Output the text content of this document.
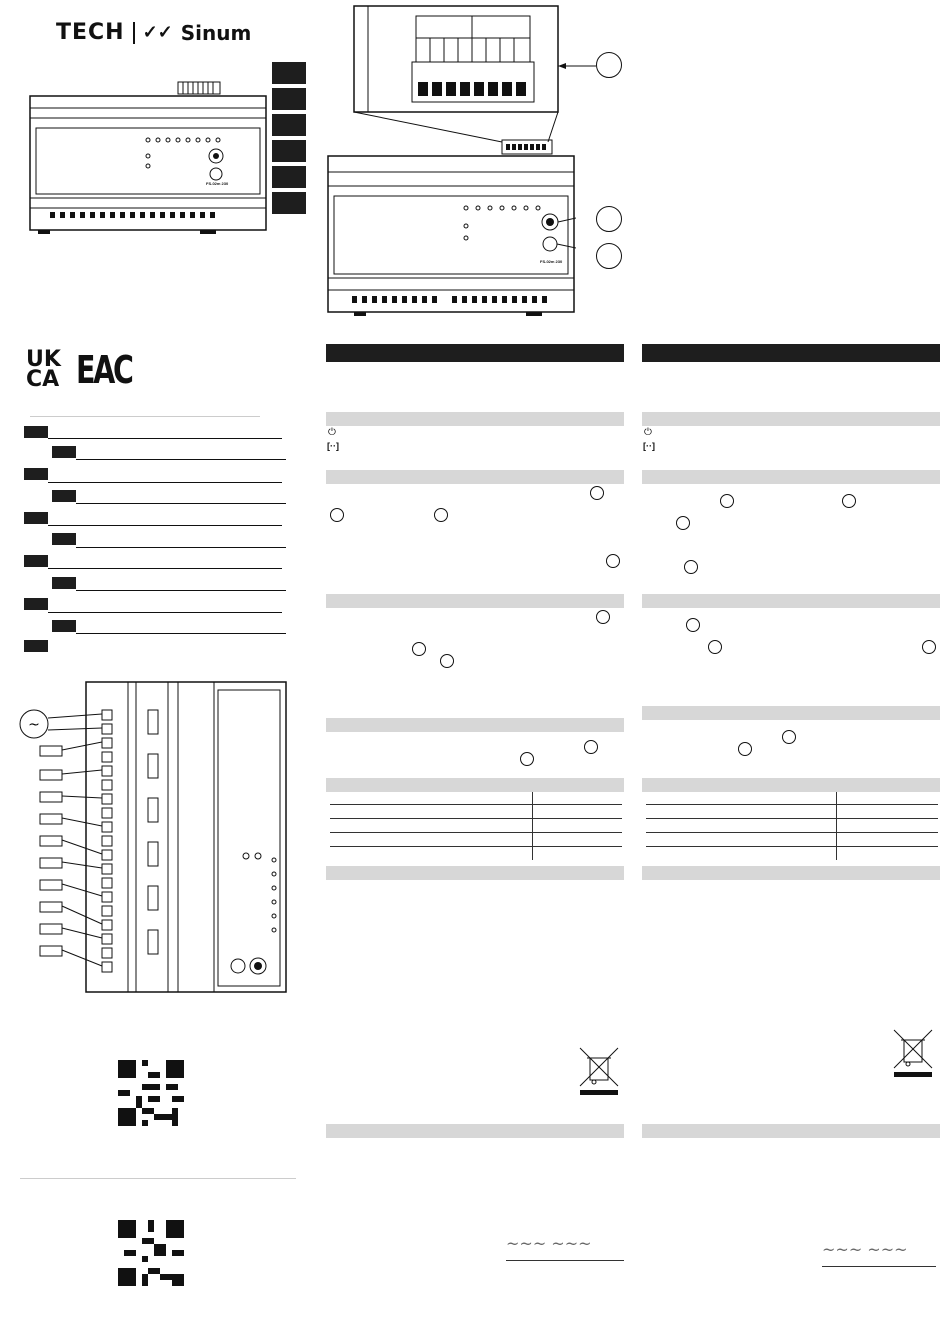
TECH ✓✓ Sinum
FS-02m 230
FS-02m 230
UK
CA EAC
~
⏻
[··]
~~~ ~~~
⏻
[··]
~~~ ~~~
